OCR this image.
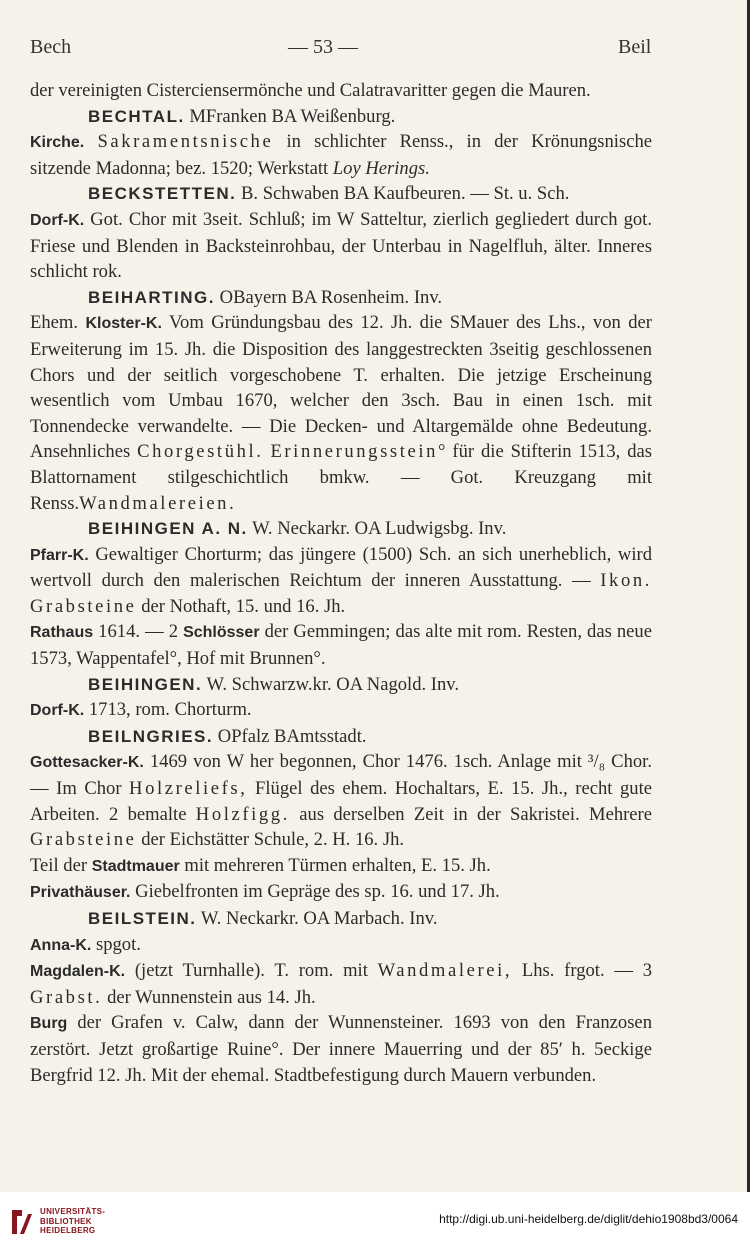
Bech	— 53 —	Beil

der vereinigten Cisterciensermönche und Calatravaritter gegen die Mauren.

BECHTAL. MFranken BA Weißenburg.

Kirche. Sakramentsnische in schlichter Renss., in der Krönungsnische sitzende Madonna; bez. 1520; Werkstatt Loy Herings.

BECKSTETTEN. B. Schwaben BA Kaufbeuren. — St. u. Sch.

Dorf-K. Got. Chor mit 3seit. Schluß; im W Satteltur, zierlich gegliedert durch got. Friese und Blenden in Backsteinrohbau, der Unterbau in Nagelfluh, älter. Inneres schlicht rok.

BEIHARTING. OBayern BA Rosenheim. Inv.

Ehem. Kloster-K. Vom Gründungsbau des 12. Jh. die SMauer des Lhs., von der Erweiterung im 15. Jh. die Disposition des langgestreckten 3seitig geschlossenen Chors und der seitlich vorgeschobene T. erhalten. Die jetzige Erscheinung wesentlich vom Umbau 1670, welcher den 3sch. Bau in einen 1sch. mit Tonnendecke verwandelte. — Die Decken- und Altargemälde ohne Bedeutung. Ansehnliches Chorgestühl. Erinnerungsstein° für die Stifterin 1513, das Blattornament stilgeschichtlich bmkw. — Got. Kreuzgang mit Renss.Wandmalereien.

BEIHINGEN A. N. W. Neckarkr. OA Ludwigsbg. Inv.

Pfarr-K. Gewaltiger Chorturm; das jüngere (1500) Sch. an sich unerheblich, wird wertvoll durch den malerischen Reichtum der inneren Ausstattung. — Ikon. Grabsteine der Nothaft, 15. und 16. Jh.

Rathaus 1614. — 2 Schlösser der Gemmingen; das alte mit rom. Resten, das neue 1573, Wappentafel°, Hof mit Brunnen°.

BEIHINGEN. W. Schwarzw.kr. OA Nagold. Inv.

Dorf-K. 1713, rom. Chorturm.

BEILNGRIES. OPfalz BAmtsstadt.

Gottesacker-K. 1469 von W her begonnen, Chor 1476. 1sch. Anlage mit ³/₈ Chor. — Im Chor Holzreliefs, Flügel des ehem. Hochaltars, E. 15. Jh., recht gute Arbeiten. 2 bemalte Holzfigg. aus derselben Zeit in der Sakristei. Mehrere Grabsteine der Eichstätter Schule, 2. H. 16. Jh.

Teil der Stadtmauer mit mehreren Türmen erhalten, E. 15. Jh.

Privathäuser. Giebelfronten im Gepräge des sp. 16. und 17. Jh.

BEILSTEIN. W. Neckarkr. OA Marbach. Inv.

Anna-K. spgot.

Magdalen-K. (jetzt Turnhalle). T. rom. mit Wandmalerei, Lhs. frgot. — 3 Grabst. der Wunnenstein aus 14. Jh.

Burg der Grafen v. Calw, dann der Wunnensteiner. 1693 von den Franzosen zerstört. Jetzt großartige Ruine°. Der innere Mauerring und der 85′ h. 5eckige Bergfrid 12. Jh. Mit der ehemal. Stadtbefestigung durch Mauern verbunden.

UNIVERSITÄTS-
BIBLIOTHEK
HEIDELBERG
http://digi.ub.uni-heidelberg.de/diglit/dehio1908bd3/0064
